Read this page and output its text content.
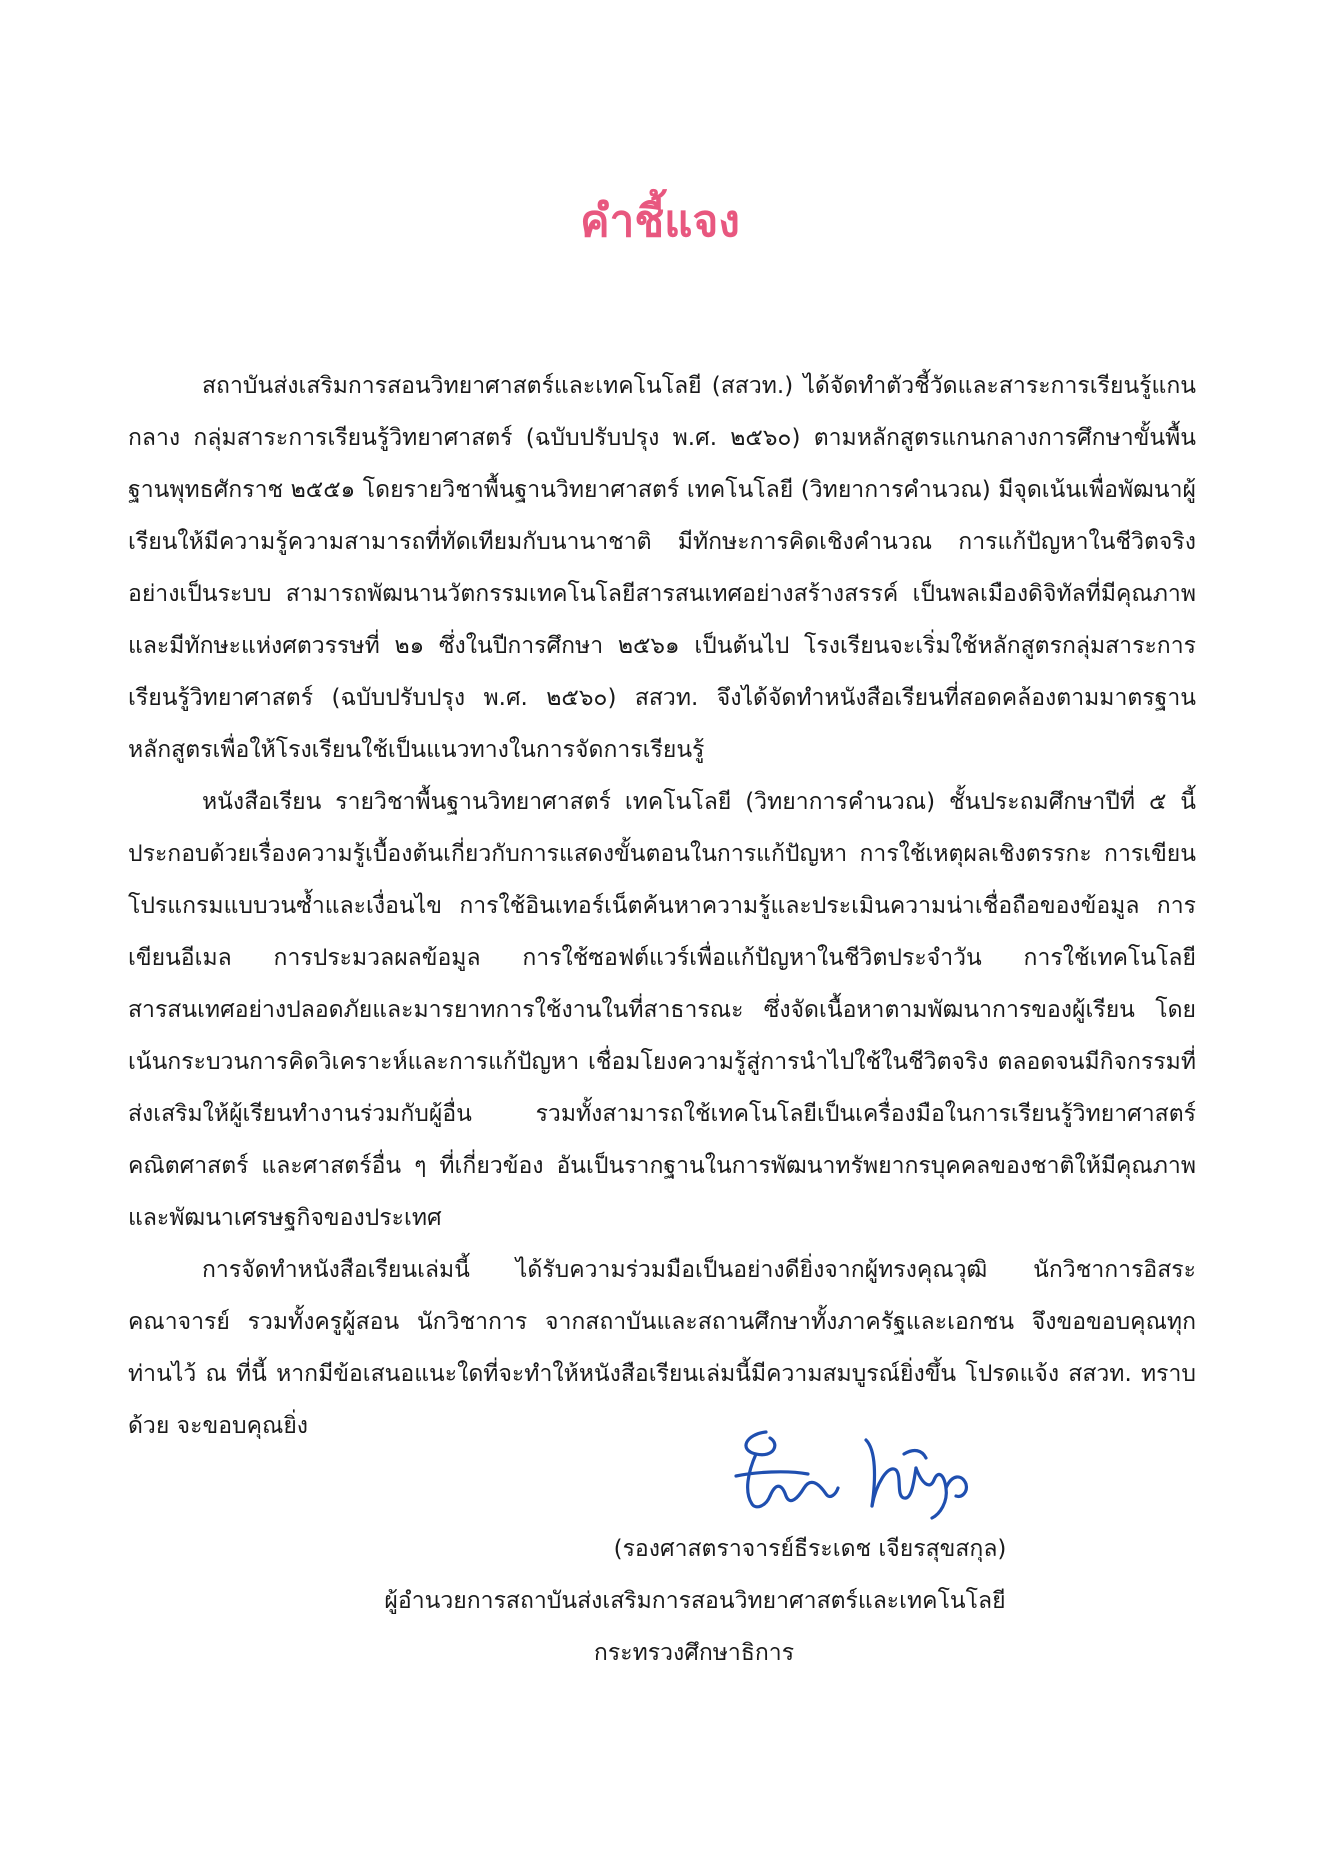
คำชี้แจง

สถาบันส่งเสริมการสอนวิทยาศาสตร์และเทคโนโลยี (สสวท.) ได้จัดทำตัวชี้วัดและสาระการเรียนรู้แกนกลาง กลุ่มสาระการเรียนรู้วิทยาศาสตร์ (ฉบับปรับปรุง พ.ศ. ๒๕๖๐) ตามหลักสูตรแกนกลางการศึกษาขั้นพื้นฐานพุทธศักราช ๒๕๕๑ โดยรายวิชาพื้นฐานวิทยาศาสตร์ เทคโนโลยี (วิทยาการคำนวณ) มีจุดเน้นเพื่อพัฒนาผู้เรียนให้มีความรู้ความสามารถที่ทัดเทียมกับนานาชาติ มีทักษะการคิดเชิงคำนวณ การแก้ปัญหาในชีวิตจริงอย่างเป็นระบบ สามารถพัฒนานวัตกรรมเทคโนโลยีสารสนเทศอย่างสร้างสรรค์ เป็นพลเมืองดิจิทัลที่มีคุณภาพ และมีทักษะแห่งศตวรรษที่ ๒๑ ซึ่งในปีการศึกษา ๒๕๖๑ เป็นต้นไป โรงเรียนจะเริ่มใช้หลักสูตรกลุ่มสาระการเรียนรู้วิทยาศาสตร์ (ฉบับปรับปรุง พ.ศ. ๒๕๖๐) สสวท. จึงได้จัดทำหนังสือเรียนที่สอดคล้องตามมาตรฐานหลักสูตรเพื่อให้โรงเรียนใช้เป็นแนวทางในการจัดการเรียนรู้

หนังสือเรียน รายวิชาพื้นฐานวิทยาศาสตร์ เทคโนโลยี (วิทยาการคำนวณ) ชั้นประถมศึกษาปีที่ ๕ นี้ ประกอบด้วยเรื่องความรู้เบื้องต้นเกี่ยวกับการแสดงขั้นตอนในการแก้ปัญหา การใช้เหตุผลเชิงตรรกะ การเขียนโปรแกรมแบบวนซ้ำและเงื่อนไข การใช้อินเทอร์เน็ตค้นหาความรู้และประเมินความน่าเชื่อถือของข้อมูล การเขียนอีเมล การประมวลผลข้อมูล การใช้ซอฟต์แวร์เพื่อแก้ปัญหาในชีวิตประจำวัน การใช้เทคโนโลยีสารสนเทศอย่างปลอดภัยและมารยาทการใช้งานในที่สาธารณะ ซึ่งจัดเนื้อหาตามพัฒนาการของผู้เรียน โดยเน้นกระบวนการคิดวิเคราะห์และการแก้ปัญหา เชื่อมโยงความรู้สู่การนำไปใช้ในชีวิตจริง ตลอดจนมีกิจกรรมที่ส่งเสริมให้ผู้เรียนทำงานร่วมกับผู้อื่น รวมทั้งสามารถใช้เทคโนโลยีเป็นเครื่องมือในการเรียนรู้วิทยาศาสตร์ คณิตศาสตร์ และศาสตร์อื่น ๆ ที่เกี่ยวข้อง อันเป็นรากฐานในการพัฒนาทรัพยากรบุคคลของชาติให้มีคุณภาพและพัฒนาเศรษฐกิจของประเทศ

การจัดทำหนังสือเรียนเล่มนี้ ได้รับความร่วมมือเป็นอย่างดียิ่งจากผู้ทรงคุณวุฒิ นักวิชาการอิสระ คณาจารย์ รวมทั้งครูผู้สอน นักวิชาการ จากสถาบันและสถานศึกษาทั้งภาครัฐและเอกชน จึงขอขอบคุณทุกท่านไว้ ณ ที่นี้ หากมีข้อเสนอแนะใดที่จะทำให้หนังสือเรียนเล่มนี้มีความสมบูรณ์ยิ่งขึ้น โปรดแจ้ง สสวท. ทราบด้วย จะขอบคุณยิ่ง

(รองศาสตราจารย์ธีระเดช เจียรสุขสกุล)
ผู้อำนวยการสถาบันส่งเสริมการสอนวิทยาศาสตร์และเทคโนโลยี
กระทรวงศึกษาธิการ
